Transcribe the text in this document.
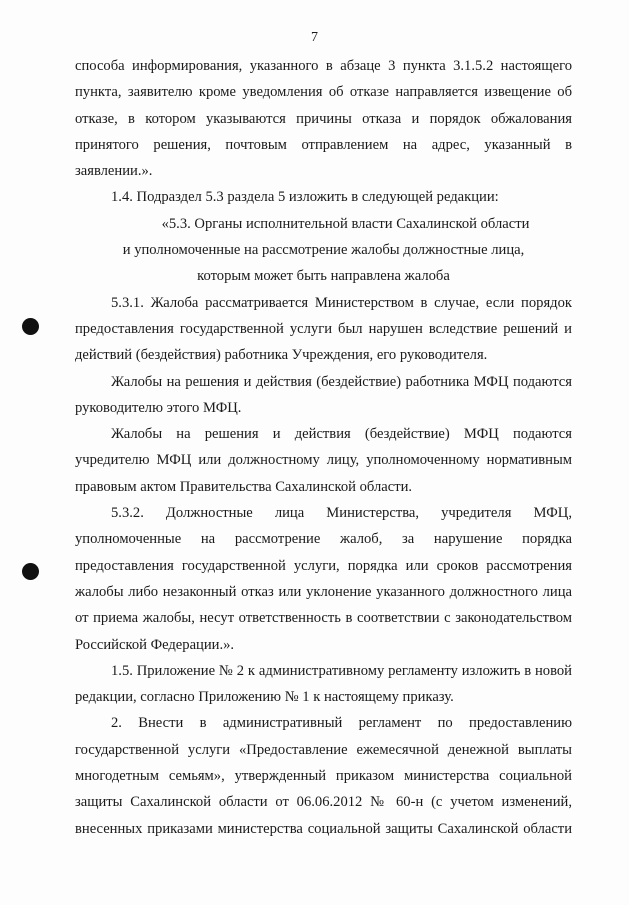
7
способа информирования, указанного в абзаце 3 пункта 3.1.5.2 настоящего
пункта, заявителю кроме уведомления об отказе направляется извещение об
отказе, в котором указываются причины отказа и порядок обжалования
принятого решения, почтовым отправлением на адрес, указанный в
заявлении.».
1.4. Подраздел 5.3 раздела 5 изложить в следующей редакции:
«5.3. Органы исполнительной власти Сахалинской области
и уполномоченные на рассмотрение жалобы должностные лица,
которым может быть направлена жалоба
5.3.1. Жалоба рассматривается Министерством в случае, если порядок
предоставления государственной услуги был нарушен вследствие решений и
действий (бездействия) работника Учреждения, его руководителя.
Жалобы на решения и действия (бездействие) работника МФЦ подаются
руководителю этого МФЦ.
Жалобы на решения и действия (бездействие) МФЦ подаются
учредителю МФЦ или должностному лицу, уполномоченному нормативным
правовым актом Правительства Сахалинской области.
5.3.2. Должностные лица Министерства, учредителя МФЦ,
уполномоченные на рассмотрение жалоб, за нарушение порядка
предоставления государственной услуги, порядка или сроков рассмотрения
жалобы либо незаконный отказ или уклонение указанного должностного лица
от приема жалобы, несут ответственность в соответствии с законодательством
Российской Федерации.».
1.5. Приложение № 2 к административному регламенту изложить в новой
редакции, согласно Приложению № 1 к настоящему приказу.
2. Внести в административный регламент по предоставлению
государственной услуги «Предоставление ежемесячной денежной выплаты
многодетным семьям», утвержденный приказом министерства социальной
защиты Сахалинской области от 06.06.2012 № 60-н (с учетом изменений,
внесенных приказами министерства социальной защиты Сахалинской области
